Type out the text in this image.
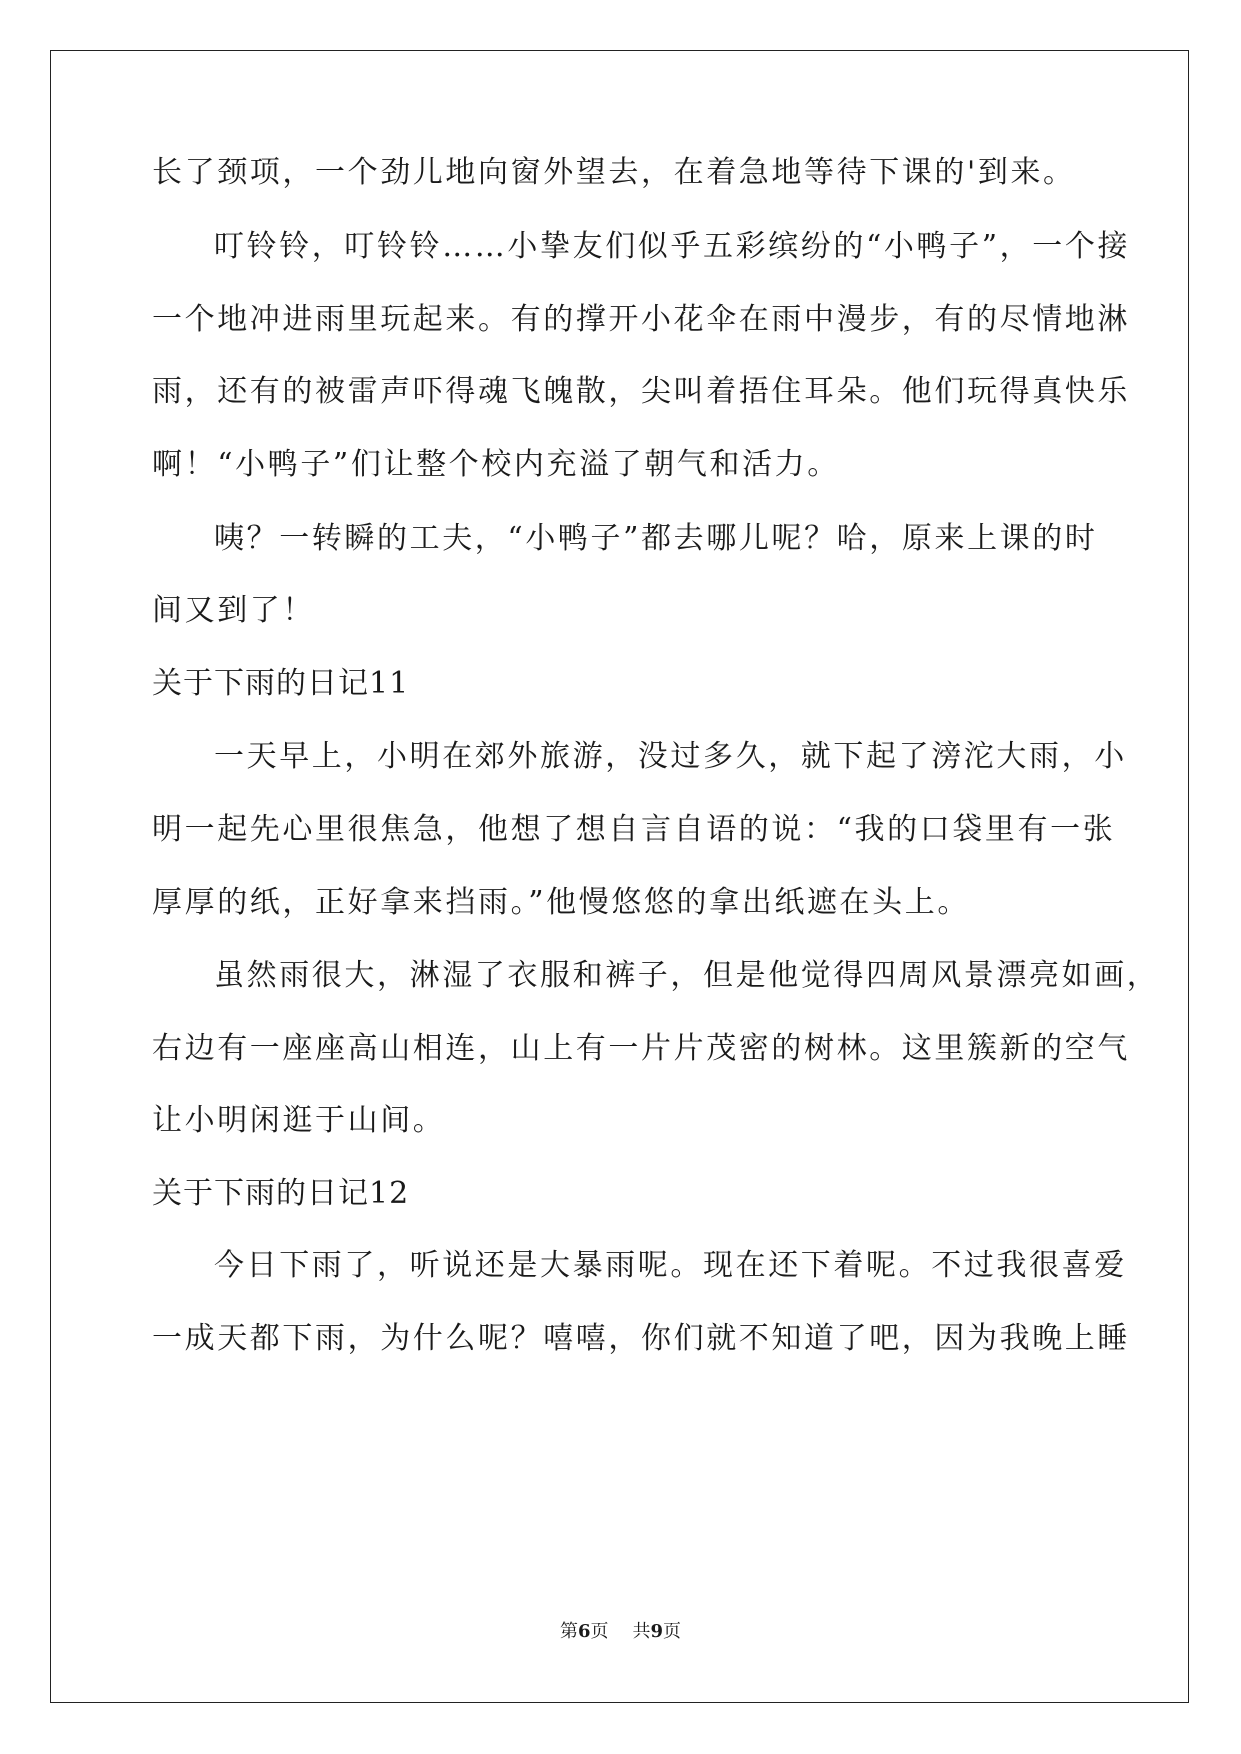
长了颈项，一个劲儿地向窗外望去，在着急地等待下课的'到来。
叮铃铃，叮铃铃……小挚友们似乎五彩缤纷的“小鸭子”，一个接
一个地冲进雨里玩起来。有的撑开小花伞在雨中漫步，有的尽情地淋
雨，还有的被雷声吓得魂飞魄散，尖叫着捂住耳朵。他们玩得真快乐
啊！“小鸭子”们让整个校内充溢了朝气和活力。
咦？一转瞬的工夫，“小鸭子”都去哪儿呢？哈，原来上课的时
间又到了！
关于下雨的日记11
一天早上，小明在郊外旅游，没过多久，就下起了滂沱大雨，小
明一起先心里很焦急，他想了想自言自语的说：“我的口袋里有一张
厚厚的纸，正好拿来挡雨。”他慢悠悠的拿出纸遮在头上。
虽然雨很大，淋湿了衣服和裤子，但是他觉得四周风景漂亮如画，
右边有一座座高山相连，山上有一片片茂密的树林。这里簇新的空气
让小明闲逛于山间。
关于下雨的日记12
今日下雨了，听说还是大暴雨呢。现在还下着呢。不过我很喜爱
一成天都下雨，为什么呢？嘻嘻，你们就不知道了吧，因为我晚上睡
第6页 共9页
